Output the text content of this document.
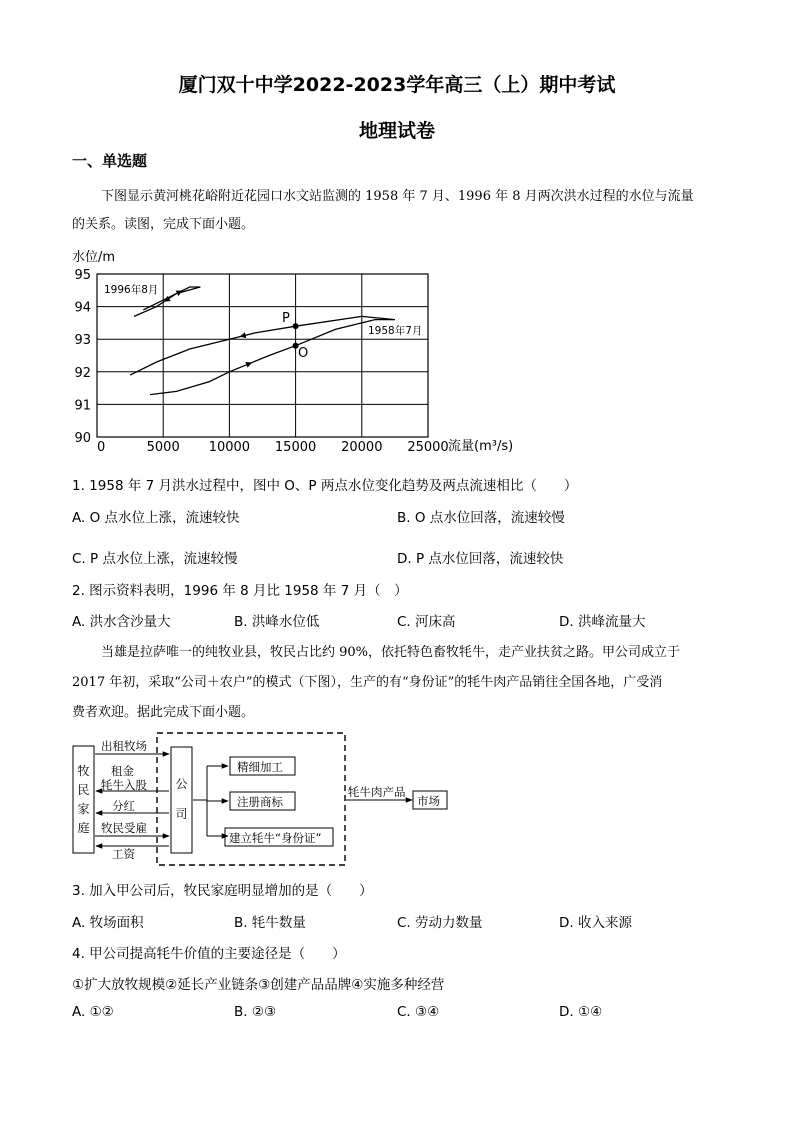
厦门双十中学2022-2023学年高三（上）期中考试
地理试卷
一、单选题
下图显示黄河桃花峪附近花园口水文站监测的 1958 年 7 月、1996 年 8 月两次洪水过程的水位与流量
的关系。读图，完成下面小题。
水位/m
90
91
92
93
94
95
0	5000 10000 15000 20000 25000 流量(m³/s)
1996年8月
1958年7月
P
O
1. 1958 年 7 月洪水过程中，图中 O、P 两点水位变化趋势及两点流速相比（　　）
A. O 点水位上涨，流速较快	B. O 点水位回落，流速较慢
C. P 点水位上涨，流速较慢	D. P 点水位回落，流速较快
2. 图示资料表明，1996 年 8 月比 1958 年 7 月（　）
A. 洪水含沙量大	B. 洪峰水位低	C. 河床高	D. 洪峰流量大
当雄是拉萨唯一的纯牧业县，牧民占比约 90%，依托特色畜牧牦牛，走产业扶贫之路。甲公司成立于
2017 年初，采取“公司＋农户”的模式（下图），生产的有“身份证”的牦牛肉产品销往全国各地，广受消
费者欢迎。据此完成下面小题。
牧
民
家
庭
公
司
出租牧场
租金
牦牛入股
分红
牧民受雇
工资
精细加工
注册商标
建立牦牛“身份证”
牦牛肉产品
市场
3. 加入甲公司后，牧民家庭明显增加的是（　　）
A. 牧场面积	B. 牦牛数量	C. 劳动力数量	D. 收入来源
4. 甲公司提高牦牛价值的主要途径是（　　）
①扩大放牧规模②延长产业链条③创建产品品牌④实施多种经营
A. ①②	B. ②③	C. ③④	D. ①④
